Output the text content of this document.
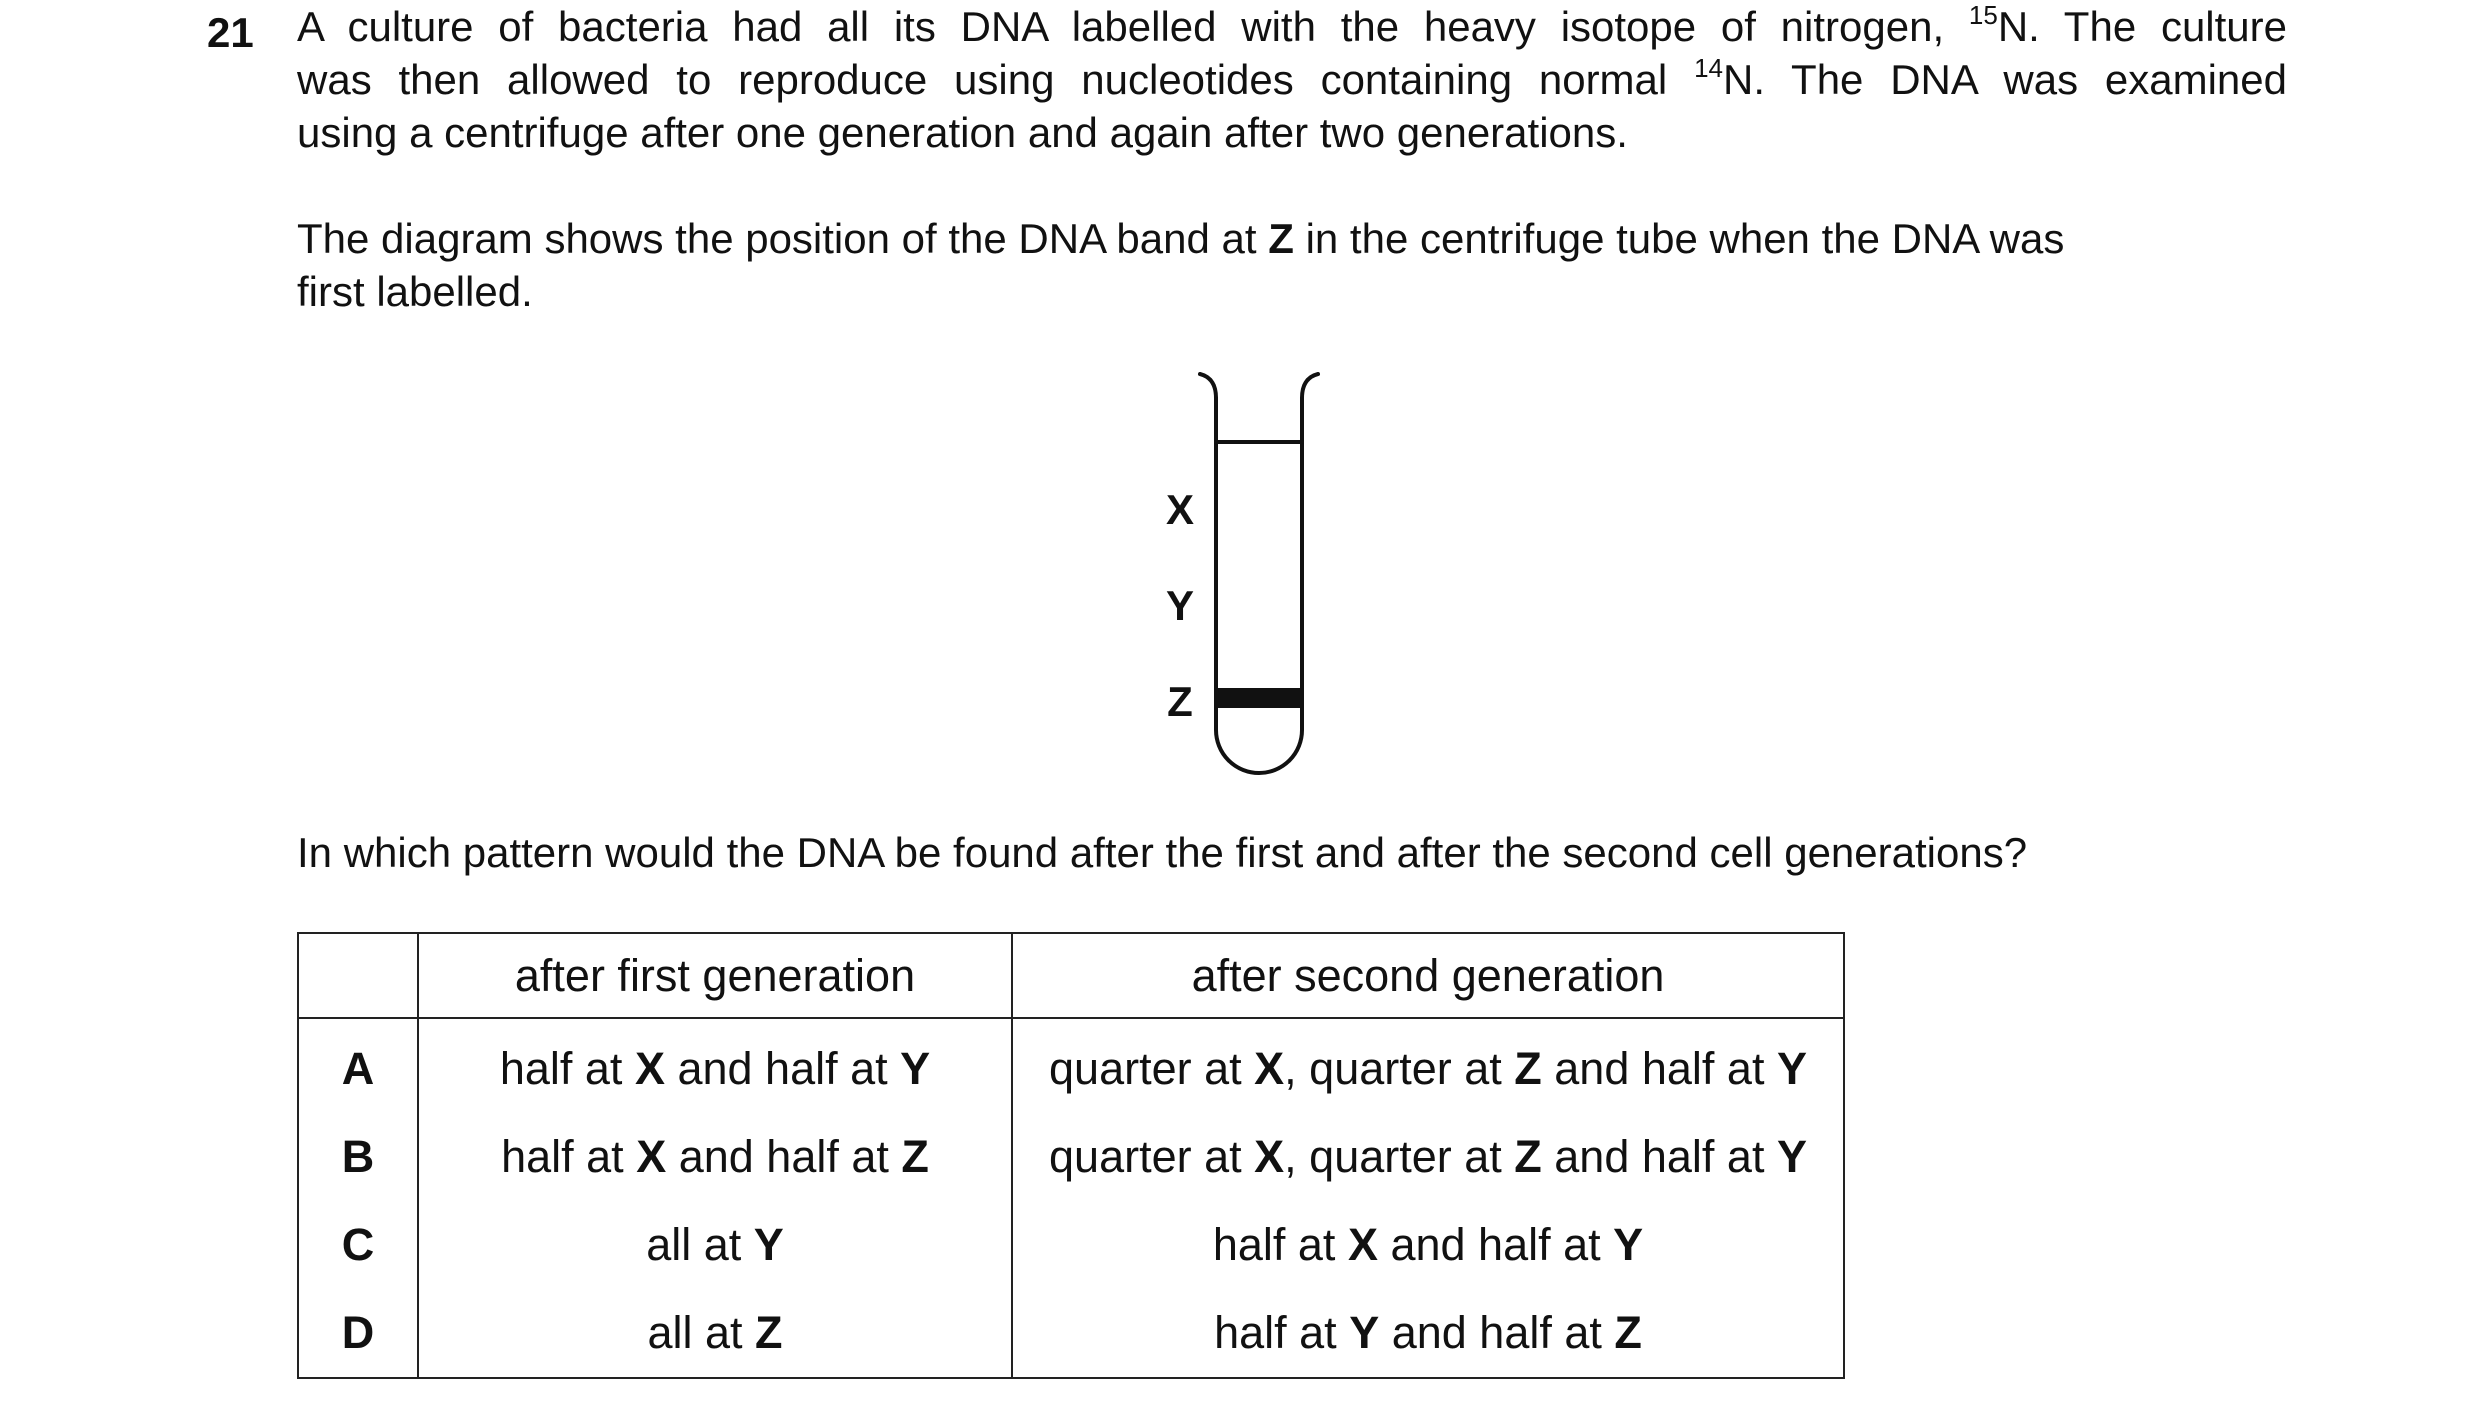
21 A culture of bacteria had all its DNA labelled with the heavy isotope of nitrogen, $^{15}$N. The culture
was then allowed to reproduce using nucleotides containing normal $^{14}$N. The DNA was examined
using a centrifuge after one generation and again after two generations.
The diagram shows the position of the DNA band at Z in the centrifuge tube when the DNA was
first labelled.
X
Y
Z
In which pattern would the DNA be found after the first and after the second cell generations?
	after first generation	after second generation
A	half at X and half at Y	quarter at X, quarter at Z and half at Y
B	half at X and half at Z	quarter at X, quarter at Z and half at Y
C	all at Y	half at X and half at Y
D	all at Z	half at Y and half at Z
